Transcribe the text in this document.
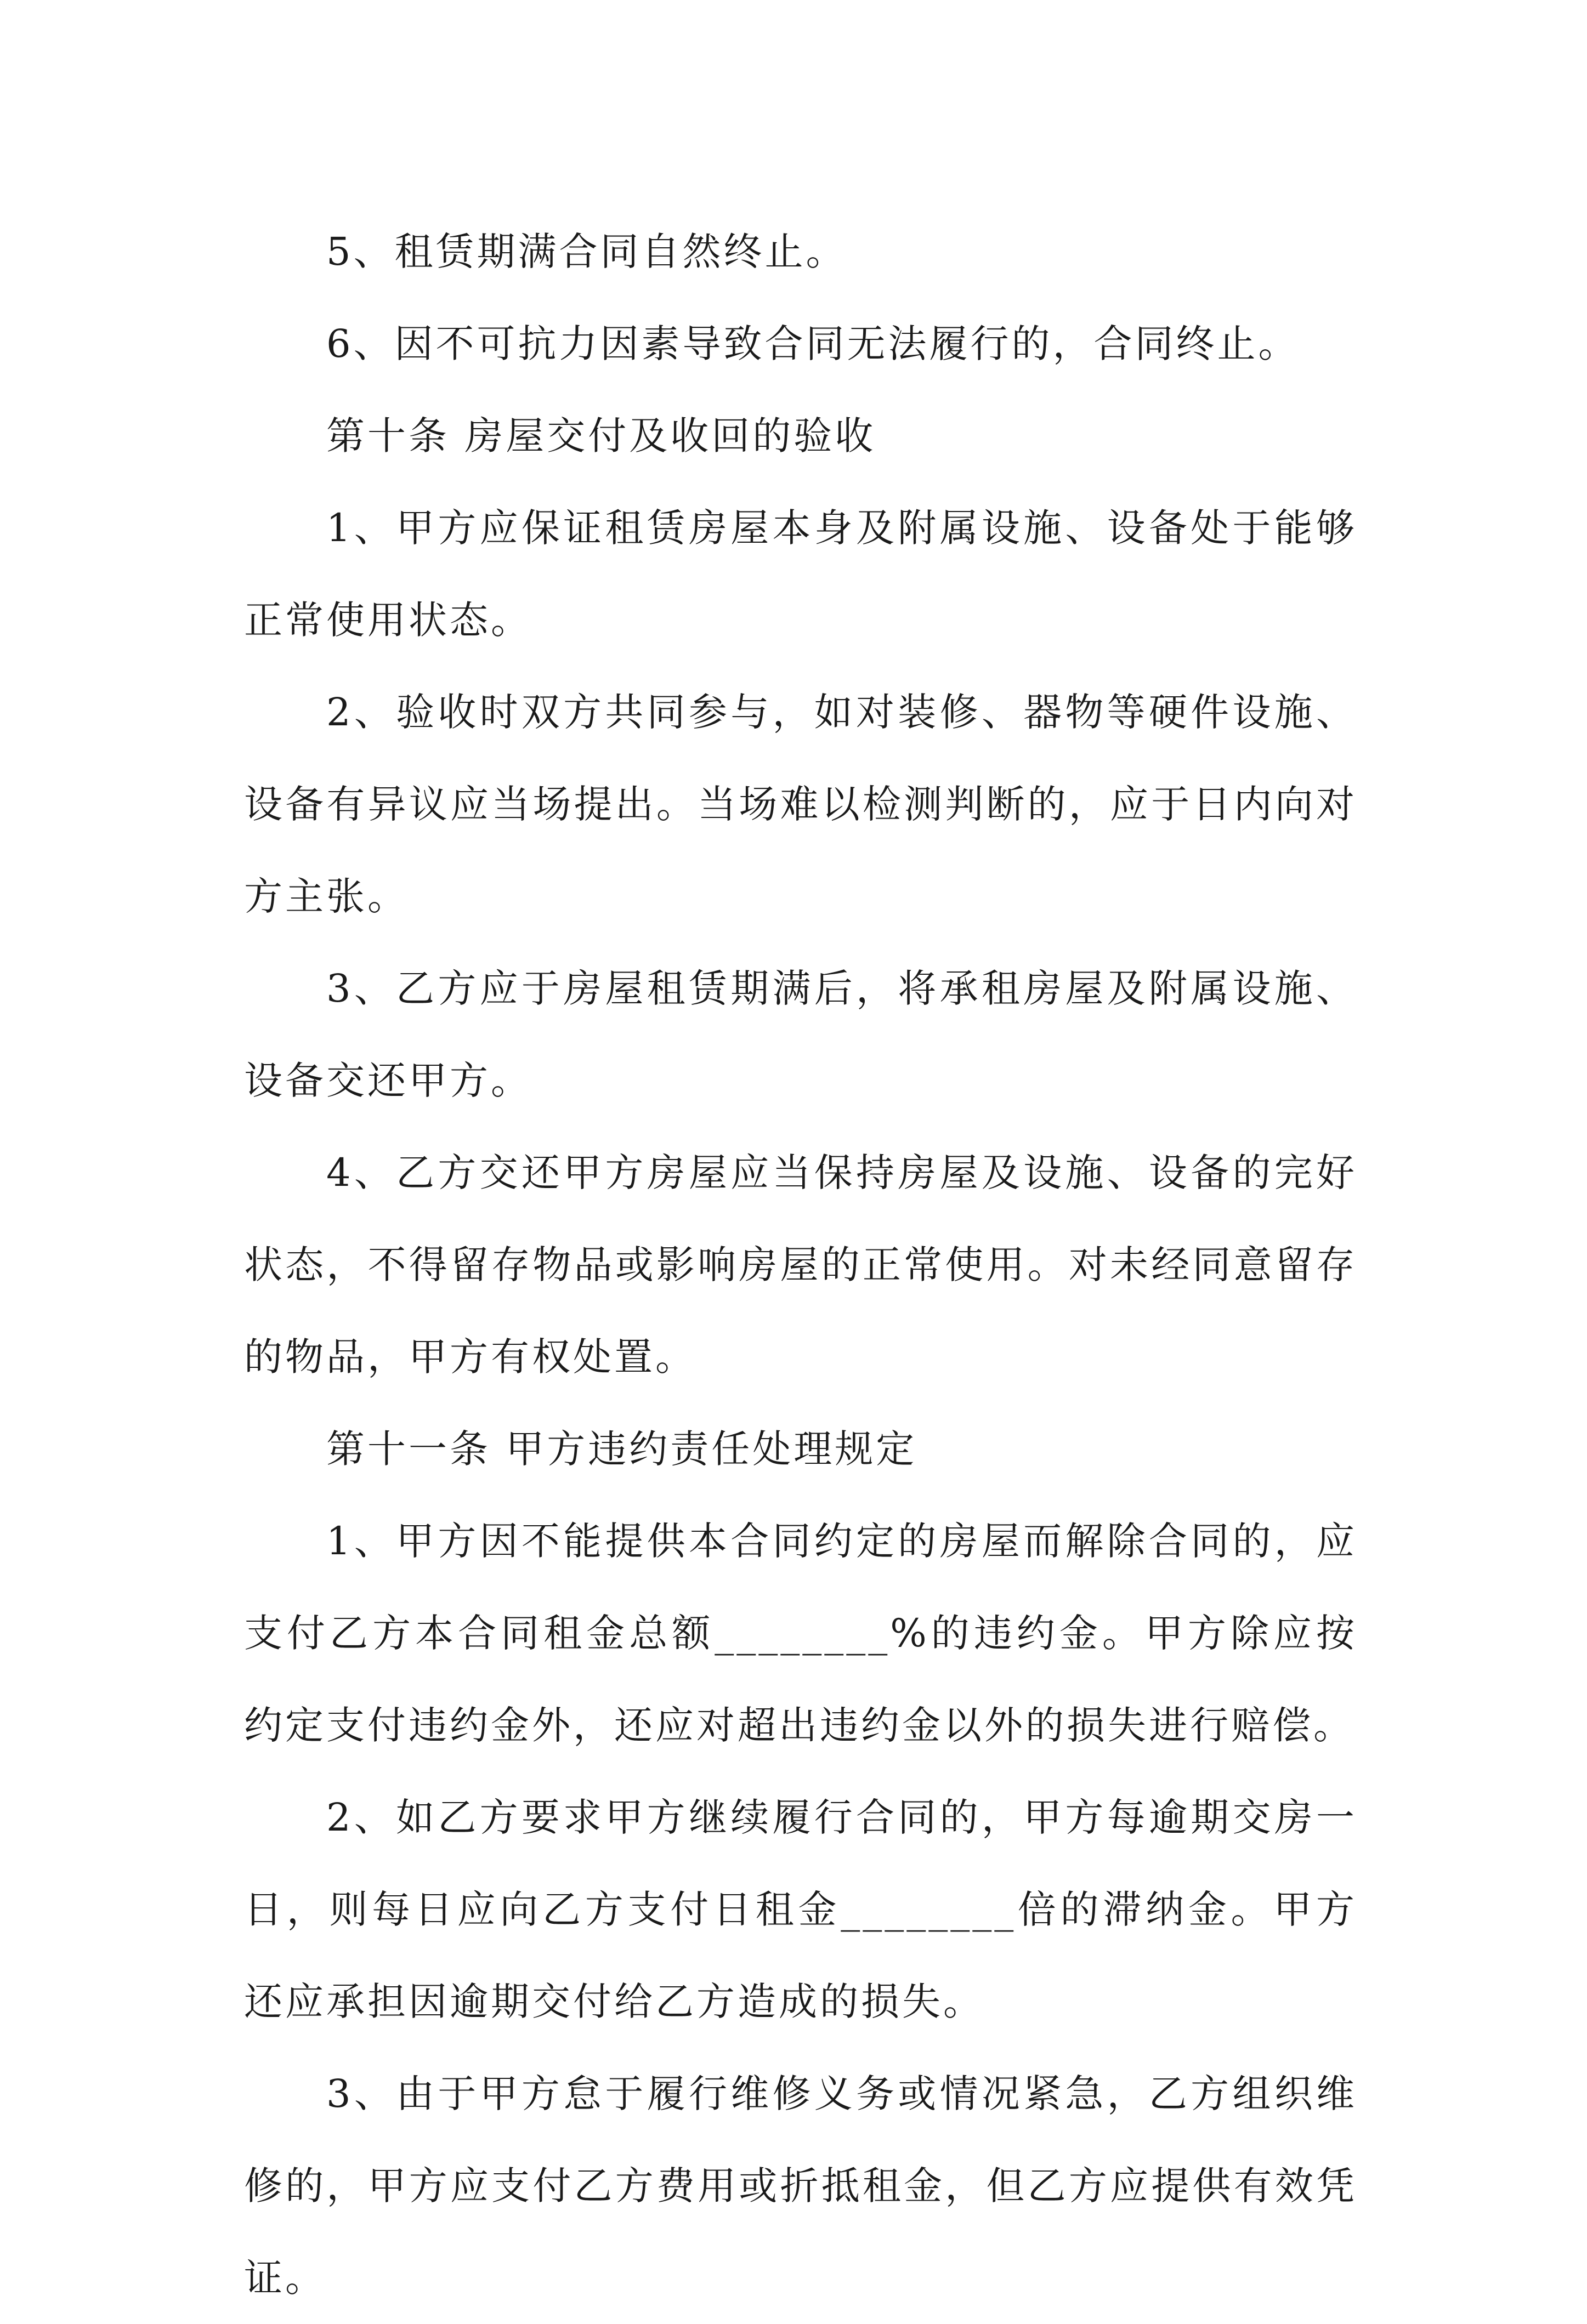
5、租赁期满合同自然终止。

6、因不可抗力因素导致合同无法履行的，合同终止。

第十条 房屋交付及收回的验收

1、甲方应保证租赁房屋本身及附属设施、设备处于能够正常使用状态。

2、验收时双方共同参与，如对装修、器物等硬件设施、设备有异议应当场提出。当场难以检测判断的，应于日内向对方主张。

3、乙方应于房屋租赁期满后，将承租房屋及附属设施、设备交还甲方。

4、乙方交还甲方房屋应当保持房屋及设施、设备的完好状态，不得留存物品或影响房屋的正常使用。对未经同意留存的物品，甲方有权处置。

第十一条 甲方违约责任处理规定

1、甲方因不能提供本合同约定的房屋而解除合同的，应支付乙方本合同租金总额________%的违约金。甲方除应按约定支付违约金外，还应对超出违约金以外的损失进行赔偿。

2、如乙方要求甲方继续履行合同的，甲方每逾期交房一日，则每日应向乙方支付日租金________倍的滞纳金。甲方还应承担因逾期交付给乙方造成的损失。

3、由于甲方怠于履行维修义务或情况紧急，乙方组织维修的，甲方应支付乙方费用或折抵租金，但乙方应提供有效凭证。
